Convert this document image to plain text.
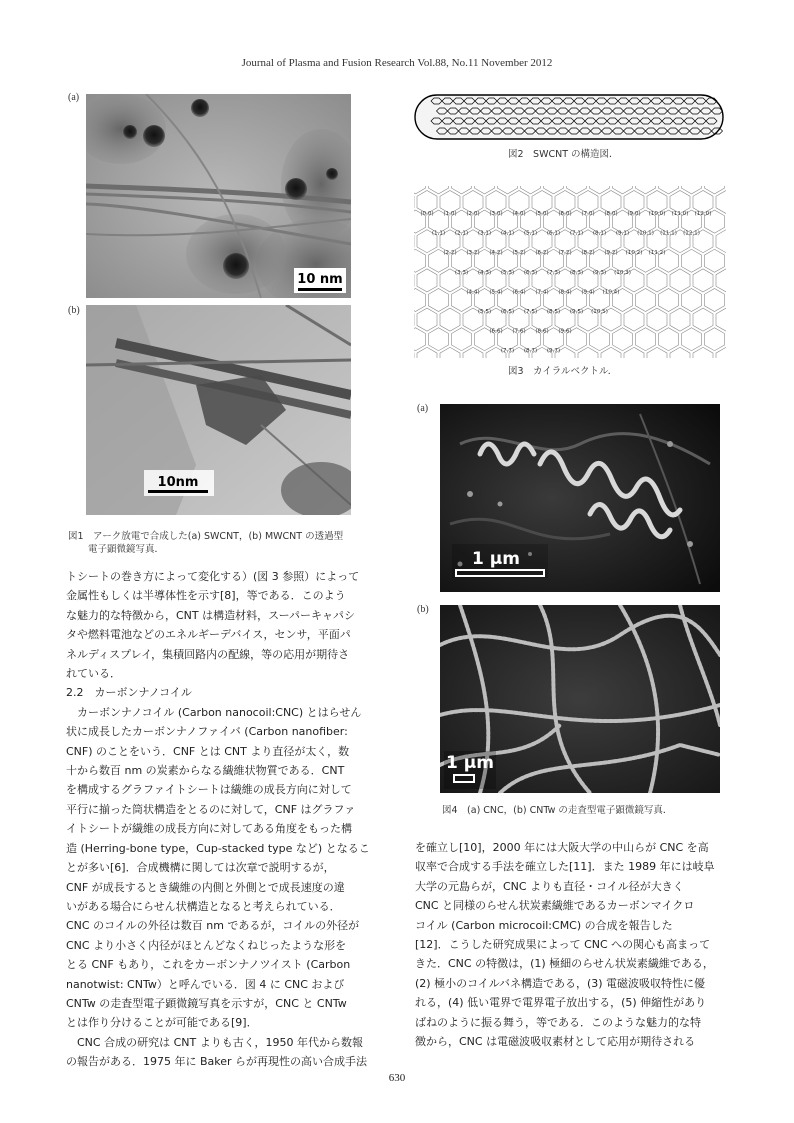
Journal of Plasma and Fusion Research Vol.88, No.11 November 2012
(a)
10 nm
(b)
10nm
図1　アーク放電で合成した(a) SWCNT，(b) MWCNT の透過型
電子顕微鏡写真．
図2　SWCNT の構造図．
(0,0) (1,0) (2,0) (3,0) (4,0) (5,0) (6,0) (7,0) (8,0) (9,0) (10,0) (11,0) (12,0)
(1,1) (2,1) (3,1) (4,1) (5,1) (6,1) (7,1) (8,1) (9,1) (10,1) (11,1) (12,1)
(2,2) (3,2) (4,2) (5,2) (6,2) (7,2) (8,2) (9,2) (10,2) (11,2)
(3,3) (4,3) (5,3) (6,3) (7,3) (8,3) (9,3) (10,3)
(4,4) (5,4) (6,4) (7,4) (8,4) (9,4) (10,4)
(5,5) (6,5) (7,5) (8,5) (9,5) (10,5)
(6,6) (7,6) (8,6) (9,6)
(7,7) (8,7) (9,7)
図3　カイラルベクトル．
(a)
1 μm
(b)
1 μm
図4　(a) CNC，(b) CNTw の走査型電子顕微鏡写真．

トシートの巻き方によって変化する）(図 3 参照）によって

金属性もしくは半導体性を示す[8]，等である．このよう

な魅力的な特徴から，CNT は構造材料，スーパーキャパシ

タや燃料電池などのエネルギーデバイス，センサ，平面パ

ネルディスプレイ，集積回路内の配線，等の応用が期待さ

れている．

2.2　カーボンナノコイル

　カーボンナノコイル (Carbon nanocoil:CNC) とはらせん

状に成長したカーボンナノファイバ (Carbon nanofiber:

CNF) のことをいう．CNF とは CNT より直径が太く，数

十から数百 nm の炭素からなる繊維状物質である．CNT

を構成するグラファイトシートは繊維の成長方向に対して

平行に揃った筒状構造をとるのに対して，CNF はグラファ

イトシートが繊維の成長方向に対してある角度をもった構

造 (Herring-bone type，Cup-stacked type など) となるこ

とが多い[6]．合成機構に関しては次章で説明するが，

CNF が成長するとき繊維の内側と外側とで成長速度の違

いがある場合にらせん状構造となると考えられている．

CNC のコイルの外径は数百 nm であるが，コイルの外径が

CNC より小さく内径がほとんどなくねじったような形を

とる CNF もあり，これをカーボンナノツイスト (Carbon

nanotwist: CNTw）と呼んでいる．図 4 に CNC および

CNTw の走査型電子顕微鏡写真を示すが，CNC と CNTw

とは作り分けることが可能である[9]．

　CNC 合成の研究は CNT よりも古く，1950 年代から数報

の報告がある．1975 年に Baker らが再現性の高い合成手法

を確立し[10]，2000 年には大阪大学の中山らが CNC を高

収率で合成する手法を確立した[11]．また 1989 年には岐阜

大学の元島らが，CNC よりも直径・コイル径が大きく

CNC と同様のらせん状炭素繊維であるカーボンマイクロ

コイル (Carbon microcoil:CMC) の合成を報告した

[12]．こうした研究成果によって CNC への関心も高まって

きた．CNC の特徴は，(1) 極細のらせん状炭素繊維である，

(2) 極小のコイルバネ構造である，(3) 電磁波吸収特性に優

れる，(4) 低い電界で電界電子放出する，(5) 伸縮性があり

ばねのように振る舞う，等である．このような魅力的な特

徴から，CNC は電磁波吸収素材として応用が期待される

630
